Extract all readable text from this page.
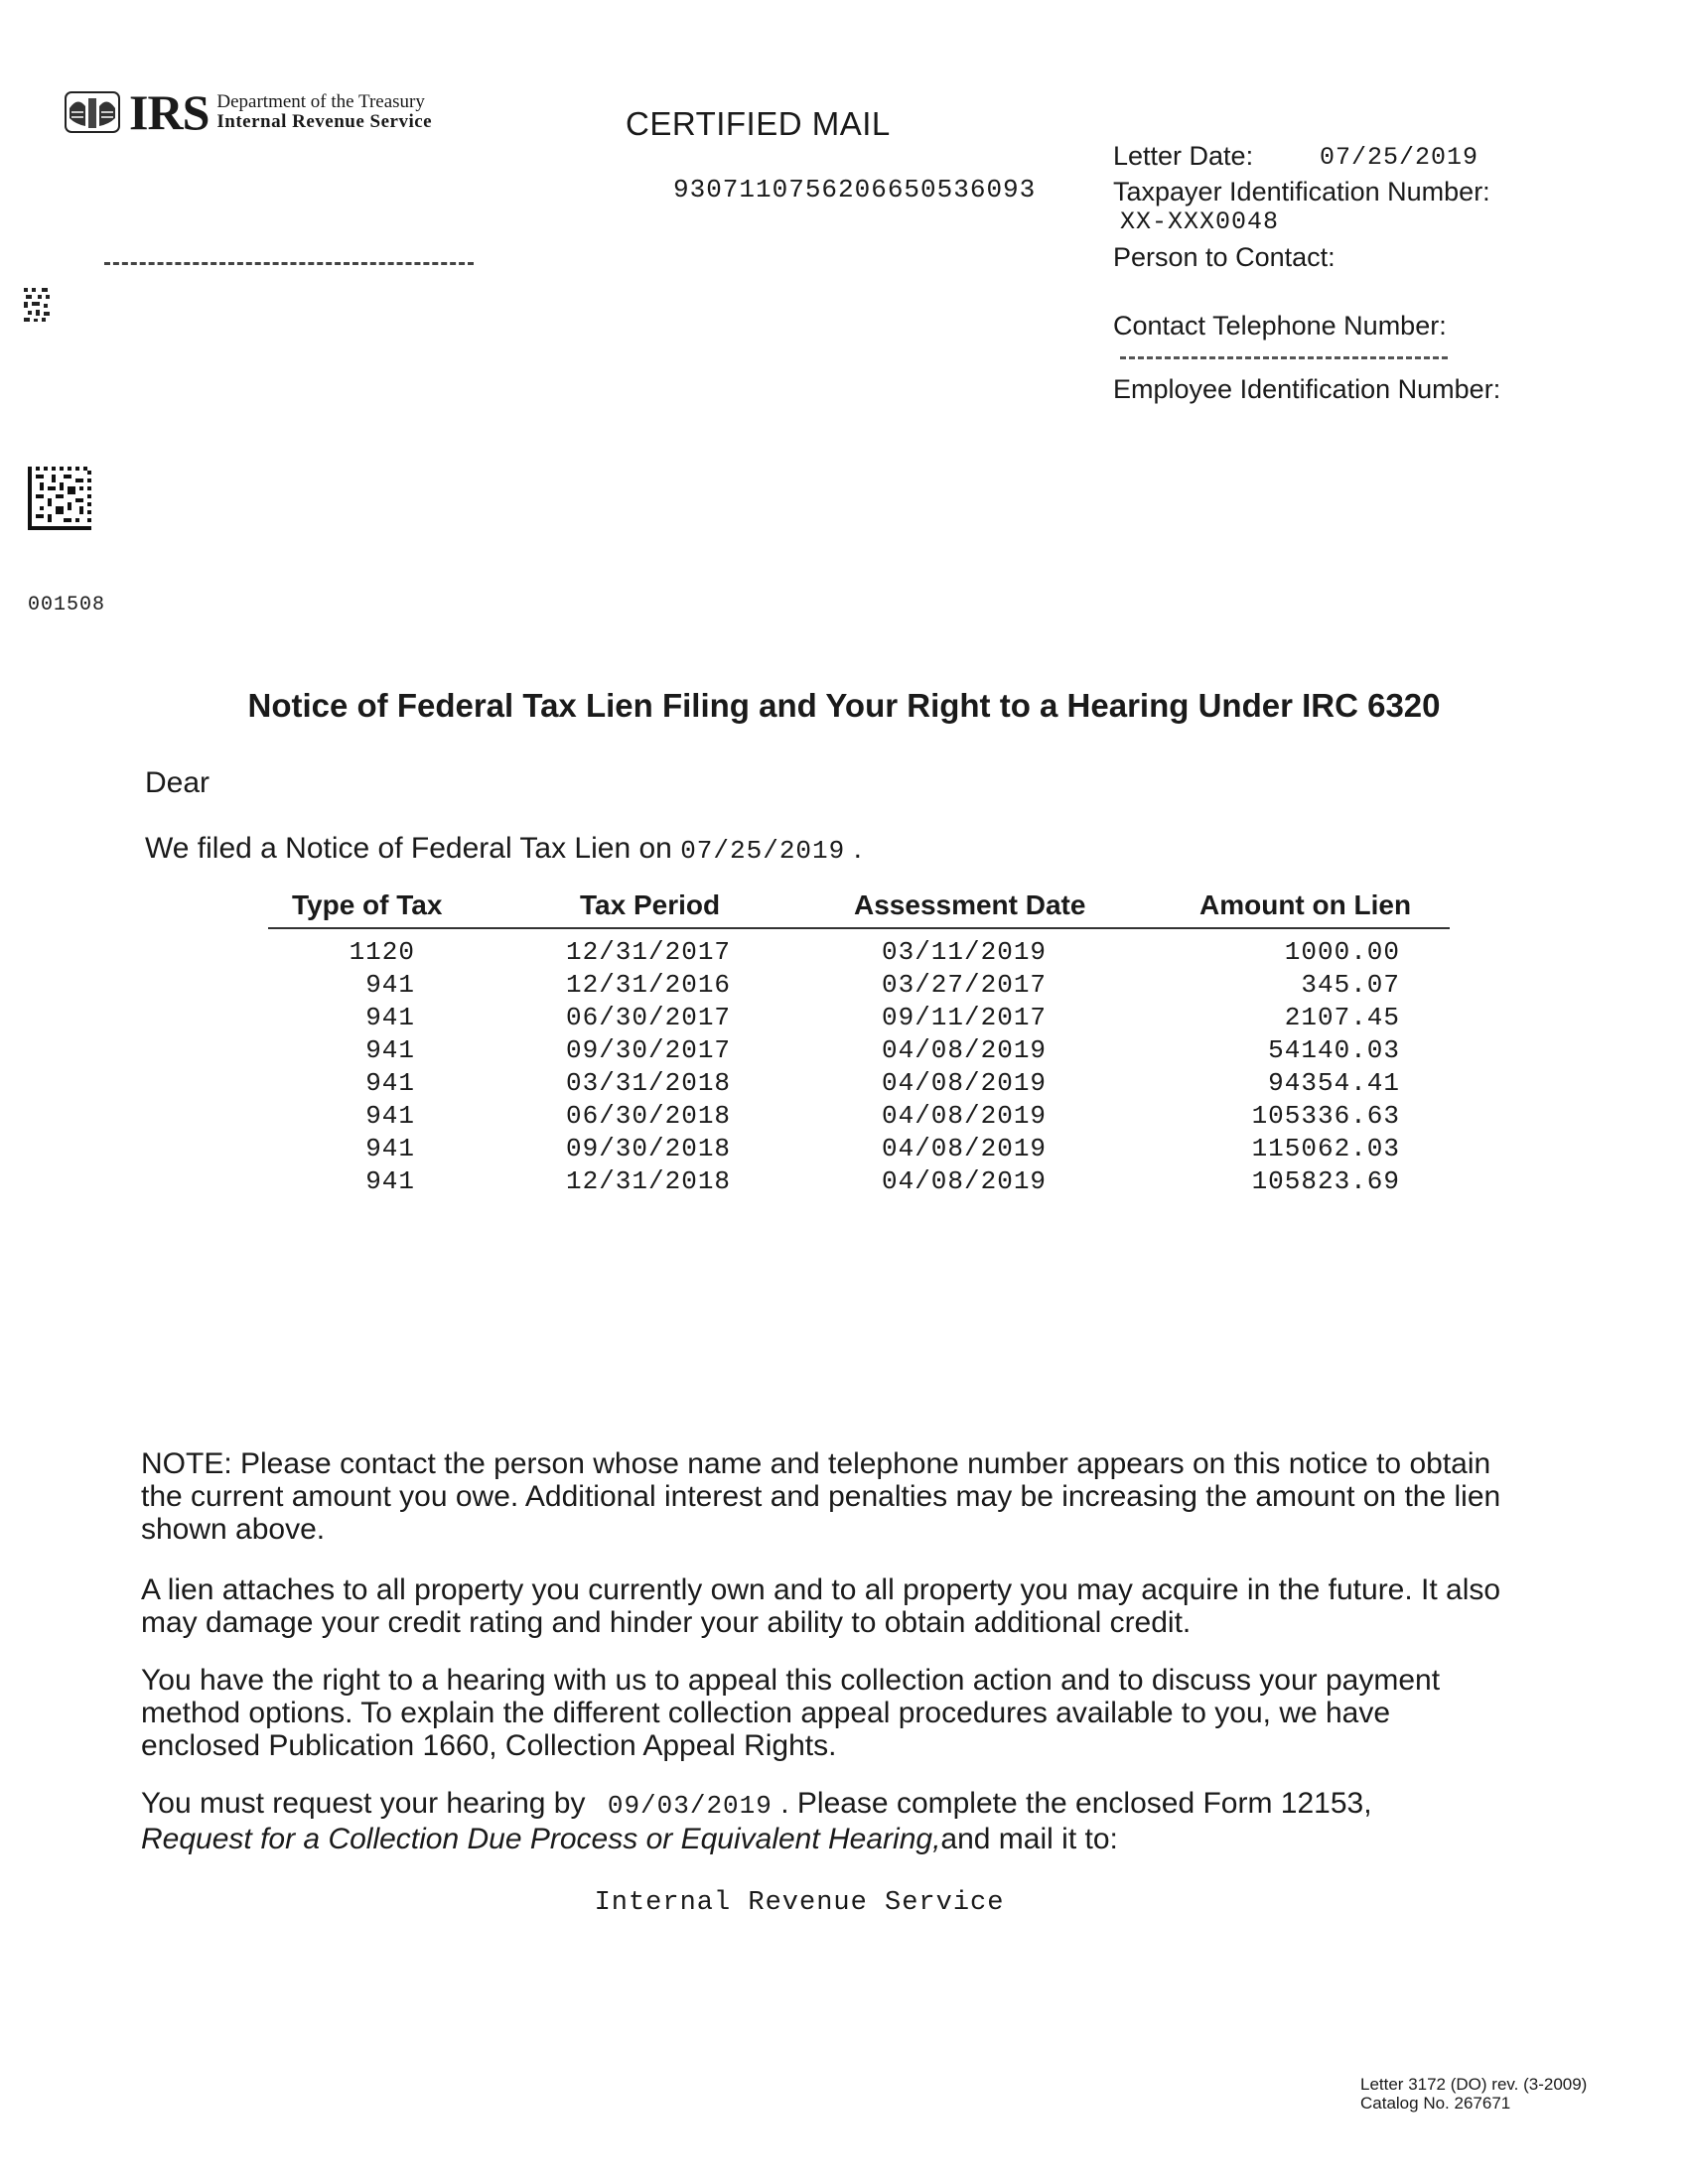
IRS Department of the Treasury
Internal Revenue Service	CERTIFIED MAIL
9307110756206650536093
Letter Date:	07/25/2019
Taxpayer Identification Number:
XX-XXX0048
Person to Contact:
Contact Telephone Number:
Employee Identification Number:
001508
Notice of Federal Tax Lien Filing and Your Right to a Hearing Under IRC 6320
Dear
We filed a Notice of Federal Tax Lien on 07/25/2019 .
Type of Tax	Tax Period	Assessment Date	Amount on Lien
1120	12/31/2017	03/11/2019	1000.00
941	12/31/2016	03/27/2017	345.07
941	06/30/2017	09/11/2017	2107.45
941	09/30/2017	04/08/2019	54140.03
941	03/31/2018	04/08/2019	94354.41
941	06/30/2018	04/08/2019	105336.63
941	09/30/2018	04/08/2019	115062.03
941	12/31/2018	04/08/2019	105823.69
NOTE: Please contact the person whose name and telephone number appears on this notice to obtain
the current amount you owe. Additional interest and penalties may be increasing the amount on the lien
shown above.
A lien attaches to all property you currently own and to all property you may acquire in the future. It also
may damage your credit rating and hinder your ability to obtain additional credit.
You have the right to a hearing with us to appeal this collection action and to discuss your payment
method options. To explain the different collection appeal procedures available to you, we have
enclosed Publication 1660, Collection Appeal Rights.
You must request your hearing by 09/03/2019 . Please complete the enclosed Form 12153,
Request for a Collection Due Process or Equivalent Hearing,and mail it to:
Internal Revenue Service
Letter 3172 (DO) rev. (3-2009)
Catalog No. 267671
